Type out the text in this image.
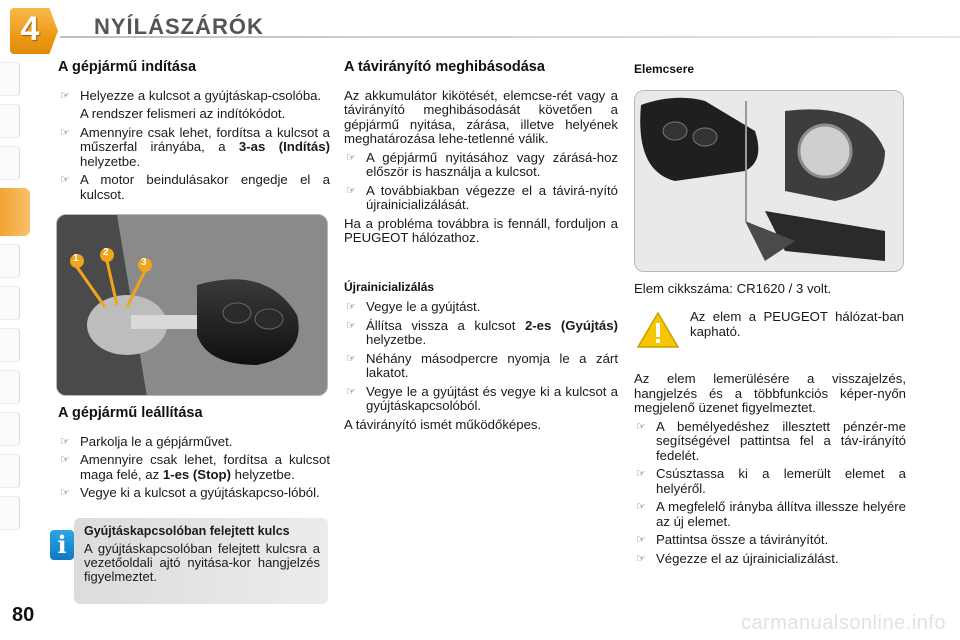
4	NYÍLÁSZÁRÓK
A gépjármű indítása
☞ Helyezze a kulcsot a gyújtáskap-csolóba.
A rendszer felismeri az indítókódot.
☞ Amennyire csak lehet, fordítsa a kulcsot a műszerfal irányába, a 3-as (Indítás) helyzetbe.
☞ A motor beindulásakor engedje el a kulcsot.
1
2
3
A gépjármű leállítása
☞ Parkolja le a gépjárművet.
☞ Amennyire csak lehet, fordítsa a kulcsot maga felé, az 1-es (Stop) helyzetbe.
☞ Vegye ki a kulcsot a gyújtáskapcso-lóból.
i	Gyújtáskapcsolóban felejtett kulcs
A gyújtáskapcsolóban felejtett kulcsra a vezetőoldali ajtó nyitása-kor hangjelzés figyelmeztet.
A távirányító meghibásodása

Az akkumulátor kikötését, elemcse-rét vagy a távirányító meghibásodását követően a gépjármű nyitása, zárása, illetve helyének meghatározása lehe-tetlenné válik.

☞ A gépjármű nyitásához vagy zárásá-hoz először is használja a kulcsot.
☞ A továbbiakban végezze el a távirá-nyító újrainicializálását.

Ha a probléma továbbra is fennáll, forduljon a PEUGEOT hálózathoz.

Újrainicializálás
☞ Vegye le a gyújtást.
☞ Állítsa vissza a kulcsot 2-es (Gyújtás) helyzetbe.
☞ Néhány másodpercre nyomja le a zárt lakatot.
☞ Vegye le a gyújtást és vegye ki a kulcsot a gyújtáskapcsolóból.

A távirányító ismét működőképes.

Elemcsere

Elem cikkszáma: CR1620 / 3 volt.

Az elem a PEUGEOT hálózat-ban kapható.

Az elem lemerülésére a visszajelzés, hangjelzés és a többfunkciós képer-nyőn megjelenő üzenet figyelmeztet.

☞ A bemélyedéshez illesztett pénzér-me segítségével pattintsa fel a táv-irányító fedelét.
☞ Csúsztassa ki a lemerült elemet a helyéről.
☞ A megfelelő irányba állítva illessze helyére az új elemet.
☞ Pattintsa össze a távirányítót.
☞ Végezze el az újrainicializálást.
80	carmanualsonline.info
